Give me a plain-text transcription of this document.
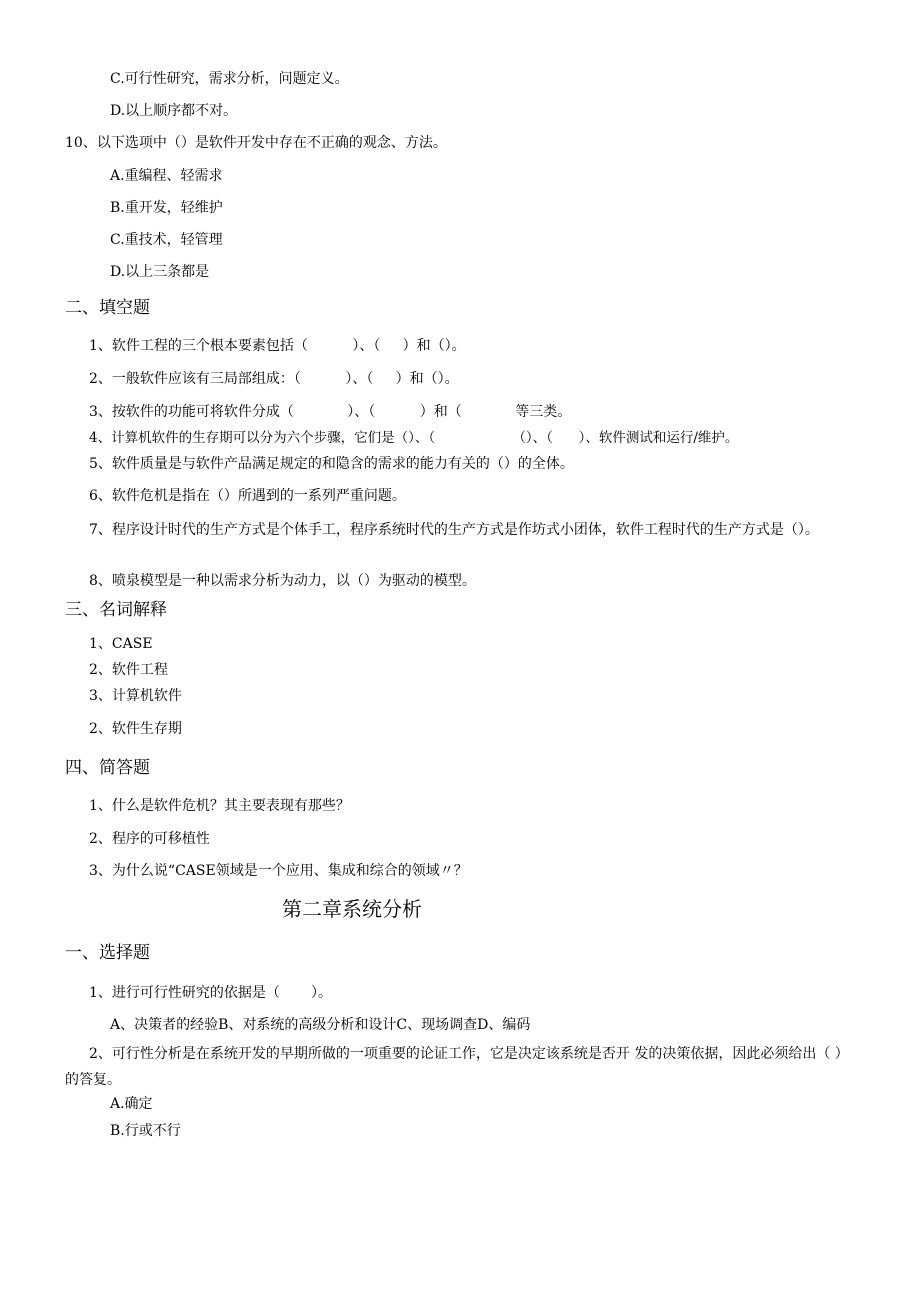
C.可行性研究，需求分析，问题定义。
D.以上顺序都不对。
10、以下选项中（）是软件开发中存在不正确的观念、方法。
A.重编程、轻需求
B.重开发，轻维护
C.重技术，轻管理
D.以上三条都是
二、填空题
1、软件工程的三个根本要素包括（          ）、（     ）和（）。
2、一般软件应该有三局部组成：（          ）、（     ）和（）。
3、按软件的功能可将软件分成（            ）、（          ）和（            等三类。
4、计算机软件的生存期可以分为六个步骤，它们是（）、（                  （）、（      ）、软件测试和运行/维护。
5、软件质量是与软件产品满足规定的和隐含的需求的能力有关的（）的全体。
6、软件危机是指在（）所遇到的一系列严重问题。
7、程序设计时代的生产方式是个体手工，程序系统时代的生产方式是作坊式小团体，软件工程时代的生产方式是（）。
8、喷泉模型是一种以需求分析为动力，以（）为驱动的模型。
三、名词解释
1、CASE
2、软件工程
3、计算机软件
2、软件生存期
四、简答题
1、什么是软件危机？其主要表现有那些？
2、程序的可移植性
3、为什么说“CASE领域是一个应用、集成和综合的领域〃？
第二章系统分析
一、选择题
1、进行可行性研究的依据是（       ）。
A、决策者的经验B、对系统的高级分析和设计C、现场调查D、编码
2、可行性分析是在系统开发的早期所做的一项重要的论证工作，它是决定该系统是否开 发的决策依据，因此必须给出（ ）的答复。
A.确定
B.行或不行
